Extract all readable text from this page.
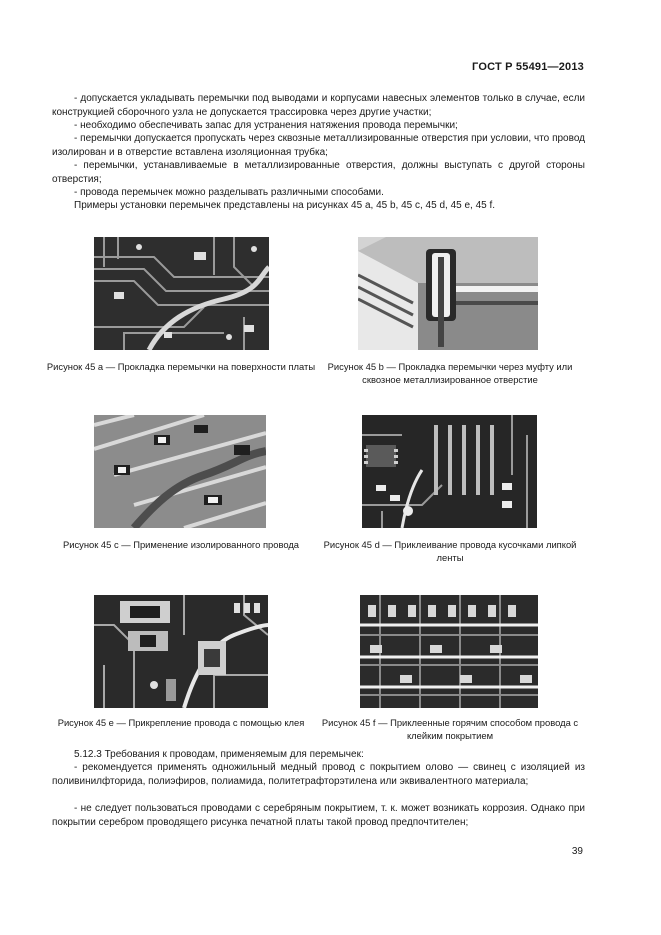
ГОСТ Р 55491—2013

- допускается укладывать перемычки под выводами и корпусами навесных элементов только в случае, если конструкцией сборочного узла не допускается трассировка через другие участки;

- необходимо обеспечивать запас для устранения натяжения провода перемычки;

- перемычки допускается пропускать через сквозные металлизированные отверстия при условии, что провод изолирован и в отверстие вставлена изоляционная трубка;

- перемычки, устанавливаемые в металлизированные отверстия, должны выступать с другой стороны отверстия;

- провода перемычек можно разделывать различными способами.

Примеры установки перемычек представлены на рисунках 45 a, 45 b, 45 c, 45 d, 45 e, 45 f.

Рисунок 45 а — Прокладка перемычки на поверхности платы	Рисунок 45 b — Прокладка перемычки через муфту или сквозное металлизированное отверстие

Рисунок 45 с — Применение изолированного провода	Рисунок 45 d — Приклеивание провода кусочками липкой ленты

Рисунок 45 е — Прикрепление провода с помощью клея	Рисунок 45 f — Приклеенные горячим способом провода с клейким покрытием

5.12.3 Требования к проводам, применяемым для перемычек:

- рекомендуется применять одножильный медный провод с покрытием олово — свинец с изоляцией из поливинилфторида, полиэфиров, полиамида, политетрафторэтилена или эквивалентного материала;

- не следует пользоваться проводами с серебряным покрытием, т. к. может возникать коррозия. Однако при покрытии серебром проводящего рисунка печатной платы такой провод предпочтителен;

39
